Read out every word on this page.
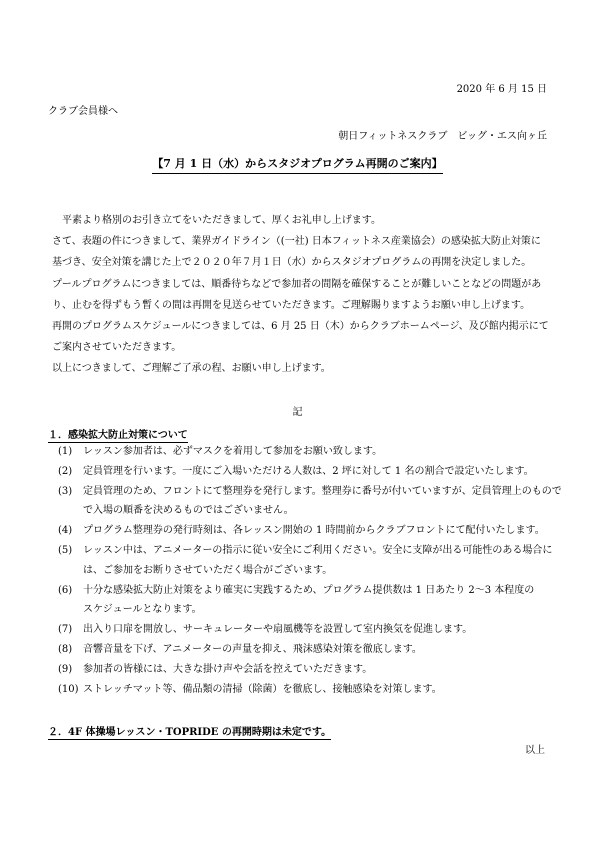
2020 年 6 月 15 日
クラブ会員様へ
朝日フィットネスクラブ　ビッグ・エス向ヶ丘
【7 月 1 日（水）からスタジオプログラム再開のご案内】

平素より格別のお引き立てをいただきまして、厚くお礼申し上げます。

さて、表題の件につきまして、業界ガイドライン（(一社) 日本フィットネス産業協会）の感染拡大防止対策に

基づき、安全対策を講じた上で２０２０年７月１日（水）からスタジオプログラムの再開を決定しました。

プールプログラムにつきましては、順番待ちなどで参加者の間隔を確保することが難しいことなどの問題があ

り、止むを得ずもう暫くの間は再開を見送らせていただきます。ご理解賜りますようお願い申し上げます。

再開のプログラムスケジュールにつきましては、6 月 25 日（木）からクラブホームページ、及び館内掲示にて

ご案内させていただきます。

以上につきまして、ご理解ご了承の程、お願い申し上げます。

記
１．感染拡大防止対策について
(1)	レッスン参加者は、必ずマスクを着用して参加をお願い致します。
(2)	定員管理を行います。一度にご入場いただける人数は、2 坪に対して 1 名の割合で設定いたします。
(3)	定員管理のため、フロントにて整理券を発行します。整理券に番号が付いていますが、定員管理上のもので
で入場の順番を決めるものではございません。
(4)	プログラム整理券の発行時刻は、各レッスン開始の 1 時間前からクラブフロントにて配付いたします。
(5)	レッスン中は、アニメーターの指示に従い安全にご利用ください。安全に支障が出る可能性のある場合に
は、ご参加をお断りさせていただく場合がございます。
(6)	十分な感染拡大防止対策をより確実に実践するため、プログラム提供数は 1 日あたり 2～3 本程度の
スケジュールとなります。
(7)	出入り口扉を開放し、サーキュレーターや扇風機等を設置して室内換気を促進します。
(8)	音響音量を下げ、アニメーターの声量を抑え、飛沫感染対策を徹底します。
(9)	参加者の皆様には、大きな掛け声や会話を控えていただきます。
(10) ストレッチマット等、備品類の清掃（除菌）を徹底し、接触感染を対策します。
２．4F 体操場レッスン・TOPRIDE の再開時期は未定です。
以上
